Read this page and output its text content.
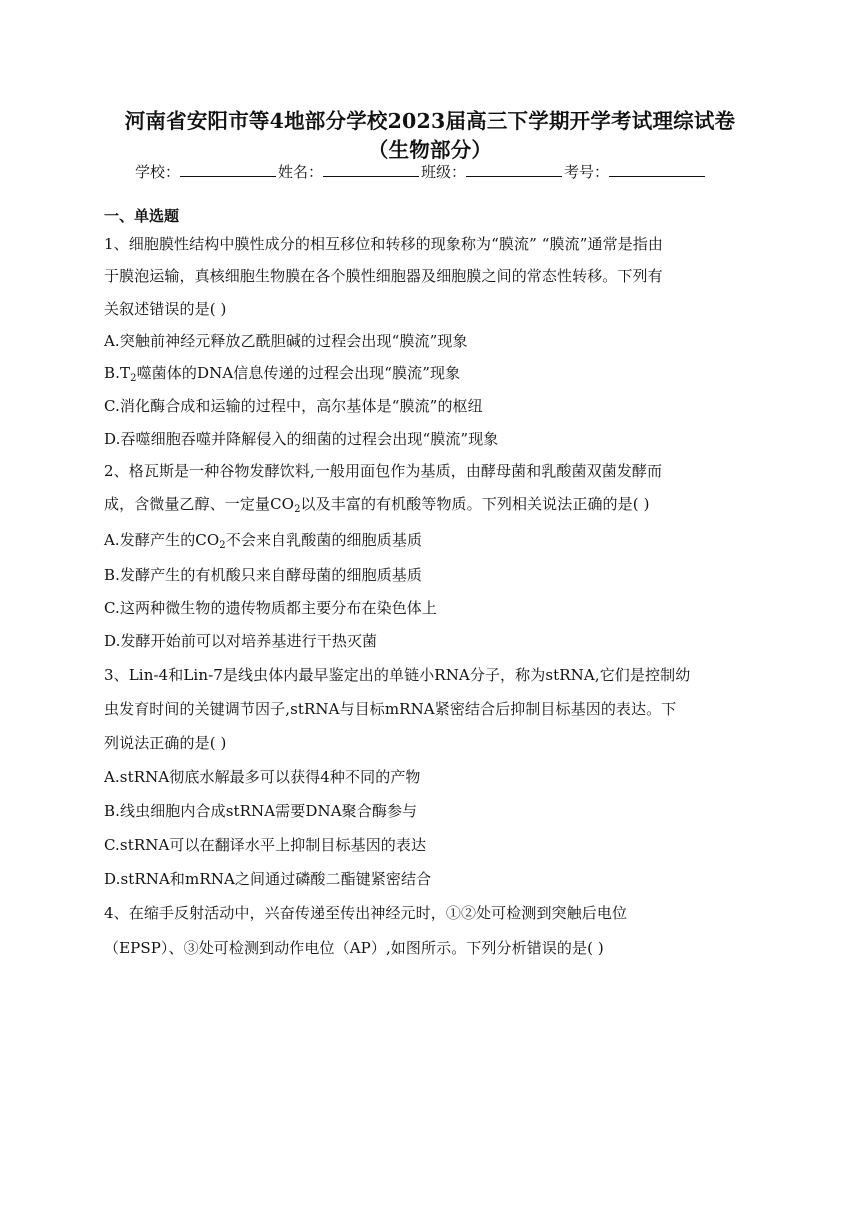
河南省安阳市等4地部分学校2023届高三下学期开学考试理综试卷
（生物部分）
学校：	姓名：	班级：	考号：
一、单选题
1、细胞膜性结构中膜性成分的相互移位和转移的现象称为“膜流” “膜流”通常是指由
于膜泡运输，真核细胞生物膜在各个膜性细胞器及细胞膜之间的常态性转移。下列有
关叙述错误的是( )
A.突触前神经元释放乙酰胆碱的过程会出现“膜流”现象
$B.T_2$噬菌体的DNA信息传递的过程会出现“膜流”现象
C.消化酶合成和运输的过程中，高尔基体是“膜流”的枢纽
D.吞噬细胞吞噬并降解侵入的细菌的过程会出现“膜流”现象
2、格瓦斯是一种谷物发酵饮料,一般用面包作为基质，由酵母菌和乳酸菌双菌发酵而
成，含微量乙醇、一定量$CO_2$以及丰富的有机酸等物质。下列相关说法正确的是( )
A.发酵产生的$CO_2$不会来自乳酸菌的细胞质基质
B.发酵产生的有机酸只来自酵母菌的细胞质基质
C.这两种微生物的遗传物质都主要分布在染色体上
D.发酵开始前可以对培养基进行干热灭菌
3、Lin-4和Lin-7是线虫体内最早鉴定出的单链小RNA分子，称为stRNA,它们是控制幼
虫发育时间的关键调节因子,stRNA与目标mRNA紧密结合后抑制目标基因的表达。下
列说法正确的是( )
A.stRNA彻底水解最多可以获得4种不同的产物
B.线虫细胞内合成stRNA需要DNA聚合酶参与
C.stRNA可以在翻译水平上抑制目标基因的表达
D.stRNA和mRNA之间通过磷酸二酯键紧密结合
4、在缩手反射活动中，兴奋传递至传出神经元时，①②处可检测到突触后电位
（EPSP）、③处可检测到动作电位（AP）,如图所示。下列分析错误的是( )
